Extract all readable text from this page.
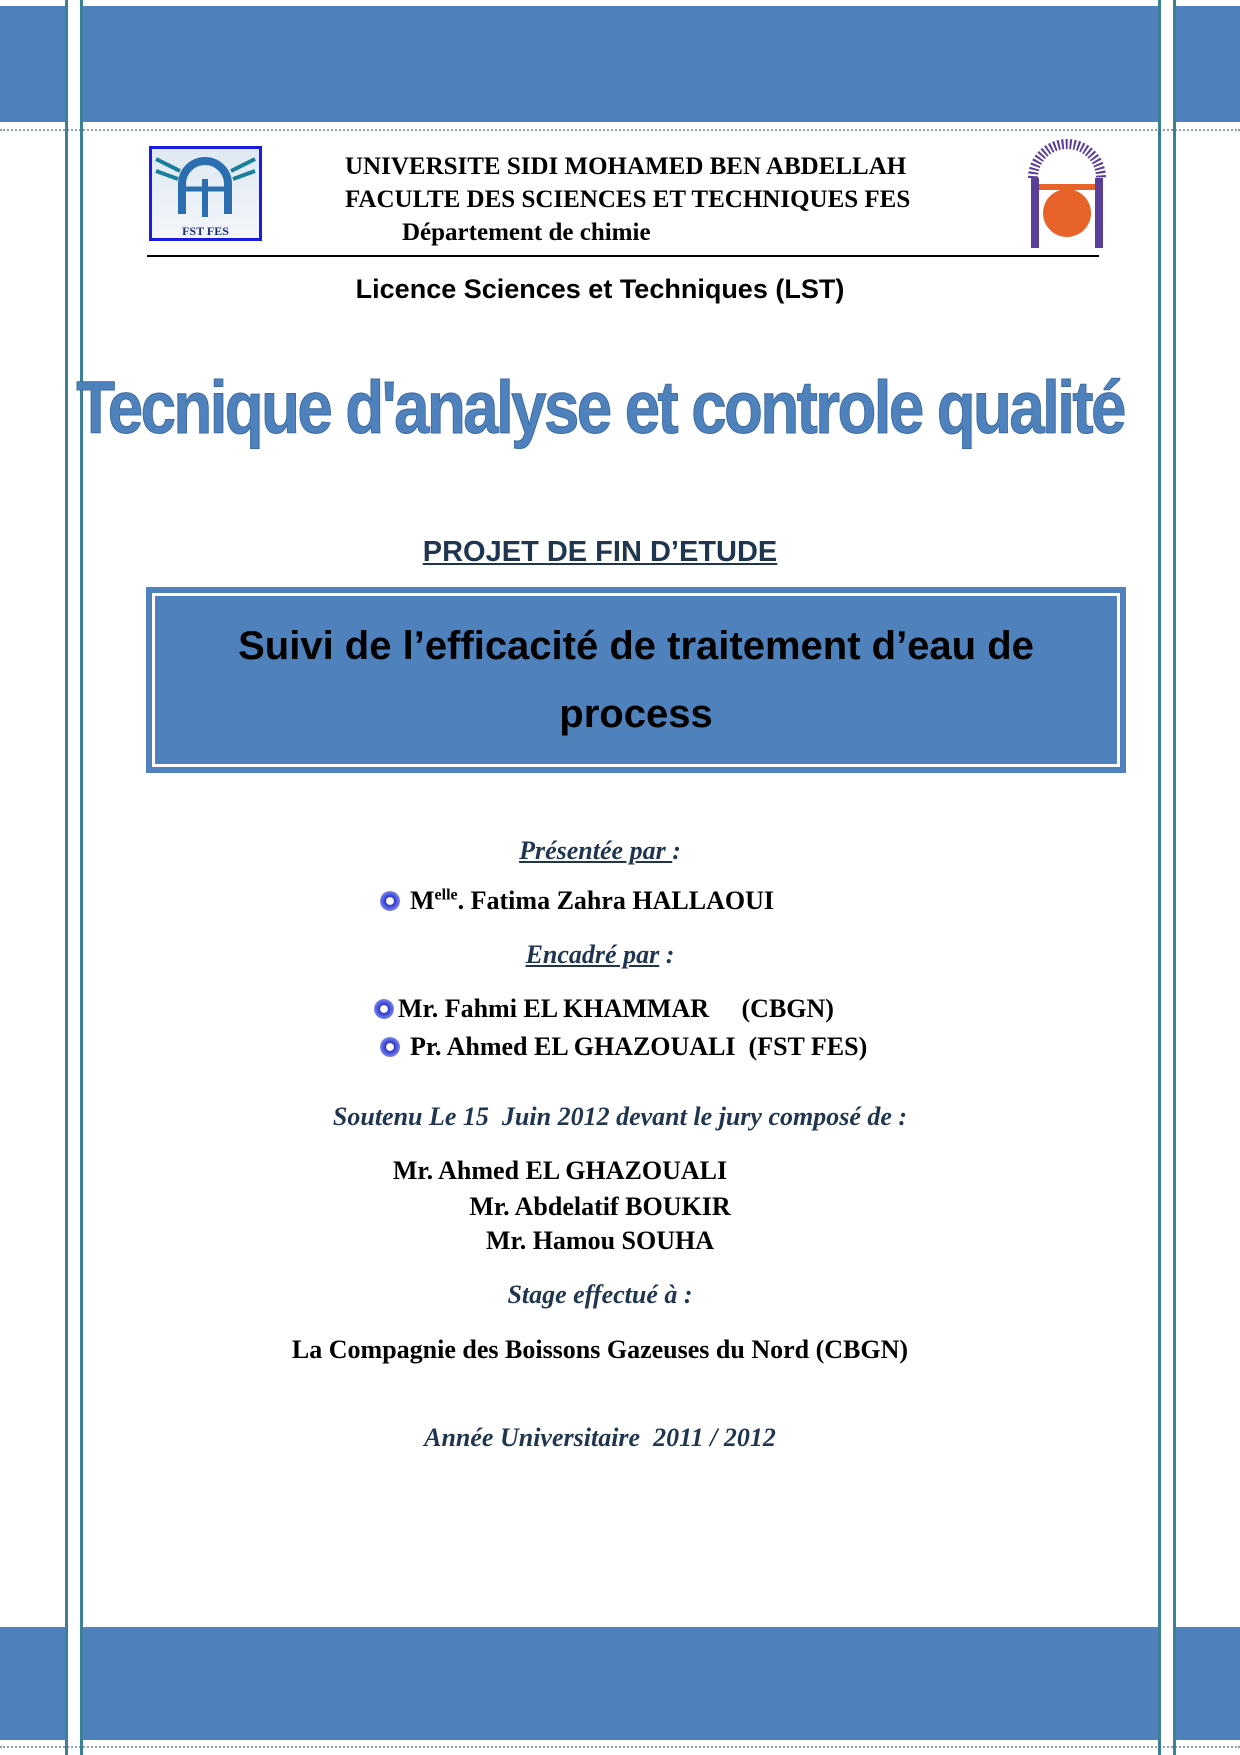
FST FES
UNIVERSITE SIDI MOHAMED BEN ABDELLAH
FACULTE DES SCIENCES ET TECHNIQUES FES
Département de chimie
Licence Sciences et Techniques (LST)
Tecnique d'analyse et controle qualité
PROJET DE FIN D’ETUDE
Suivi de l’efficacité de traitement d’eau de process
Présentée par :
$M^{elle}$. Fatima Zahra HALLAOUI
Encadré par :
Mr. Fahmi EL KHAMMAR     (CBGN)
Pr. Ahmed EL GHAZOUALI  (FST FES)
Soutenu Le 15  Juin 2012 devant le jury composé de :
Mr. Ahmed EL GHAZOUALI
Mr. Abdelatif BOUKIR
Mr. Hamou SOUHA
Stage effectué à :
La Compagnie des Boissons Gazeuses du Nord (CBGN)
Année Universitaire  2011 / 2012
